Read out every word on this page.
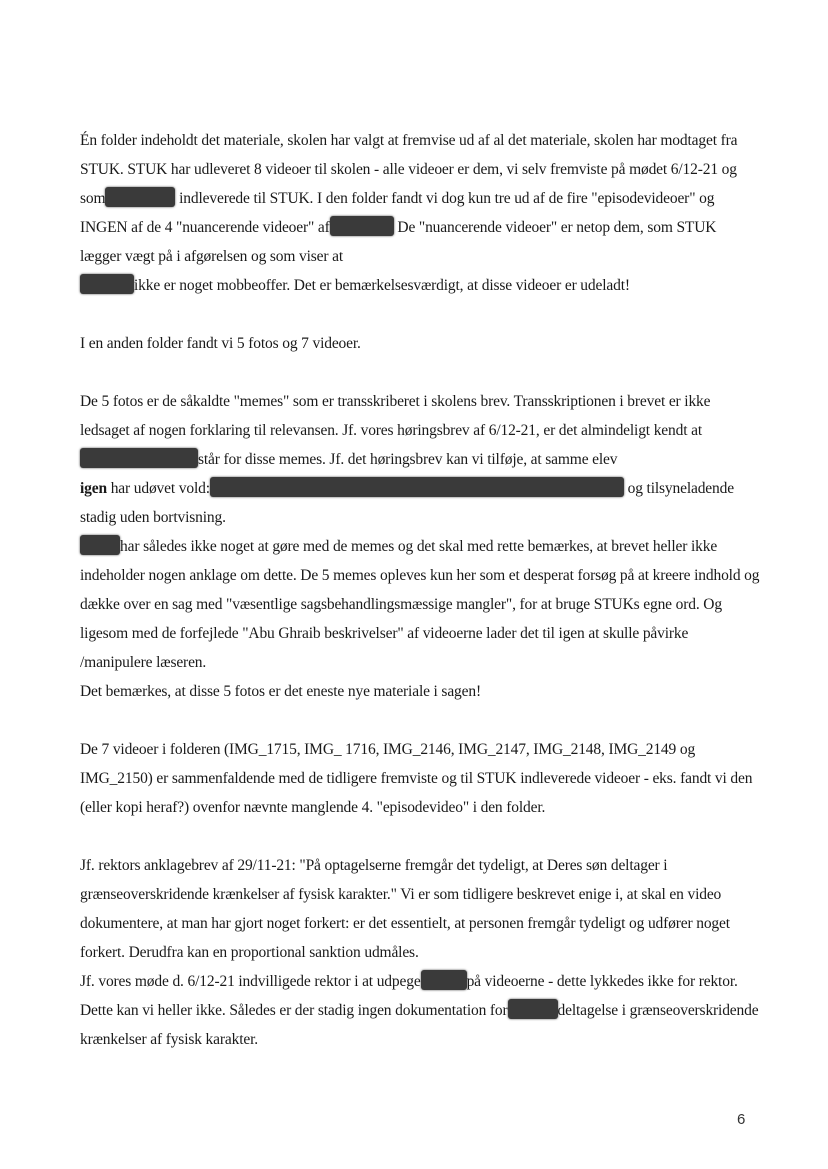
Én folder indeholdt det materiale, skolen har valgt at fremvise ud af al det materiale, skolen har modtaget fra STUK. STUK har udleveret 8 videoer til skolen - alle videoer er dem, vi selv fremviste på mødet 6/12-21 og som	indleverede til STUK. I den folder fandt vi dog kun tre ud af de fire "episodevideoer" og INGEN af de 4 "nuancerende videoer" af	De "nuancerende videoer" er netop dem, som STUK lægger vægt på i afgørelsen og som viser at
ikke er noget mobbeoffer. Det er bemærkelsesværdigt, at disse videoer er udeladt!

I en anden folder fandt vi 5 fotos og 7 videoer.

De 5 fotos er de såkaldte "memes" som er transskriberet i skolens brev. Transskriptionen i brevet er ikke ledsaget af nogen forklaring til relevansen. Jf. vores høringsbrev af 6/12-21, er det almindeligt kendt atstår for disse memes. Jf. det høringsbrev kan vi tilføje, at samme elev
igen har udøvet vold:	og tilsyneladende stadig uden bortvisning.

har således ikke noget at gøre med de memes og det skal med rette bemærkes, at brevet heller ikke indeholder nogen anklage om dette. De 5 memes opleves kun her som et desperat forsøg på at kreere indhold og dække over en sag med "væsentlige sagsbehandlingsmæssige mangler", for at bruge STUKs egne ord. Og ligesom med de forfejlede "Abu Ghraib beskrivelser" af videoerne lader det til igen at skulle påvirke /manipulere læseren.

Det bemærkes, at disse 5 fotos er det eneste nye materiale i sagen!

De 7 videoer i folderen (IMG_1715, IMG_ 1716, IMG_2146, IMG_2147, IMG_2148, IMG_2149 og IMG_2150) er sammenfaldende med de tidligere fremviste og til STUK indleverede videoer - eks. fandt vi den (eller kopi heraf?) ovenfor nævnte manglende 4. "episodevideo" i den folder.

Jf. rektors anklagebrev af 29/11-21: "På optagelserne fremgår det tydeligt, at Deres søn deltager i grænseoverskridende krænkelser af fysisk karakter." Vi er som tidligere beskrevet enige i, at skal en video dokumentere, at man har gjort noget forkert: er det essentielt, at personen fremgår tydeligt og udfører noget forkert. Derudfra kan en proportional sanktion udmåles.

Jf. vores møde d. 6/12-21 indvilligede rektor i at udpege	på videoerne - dette lykkedes ikke for rektor. Dette kan vi heller ikke. Således er der stadig ingen dokumentation for	deltagelse i grænseoverskridende krænkelser af fysisk karakter.

6
